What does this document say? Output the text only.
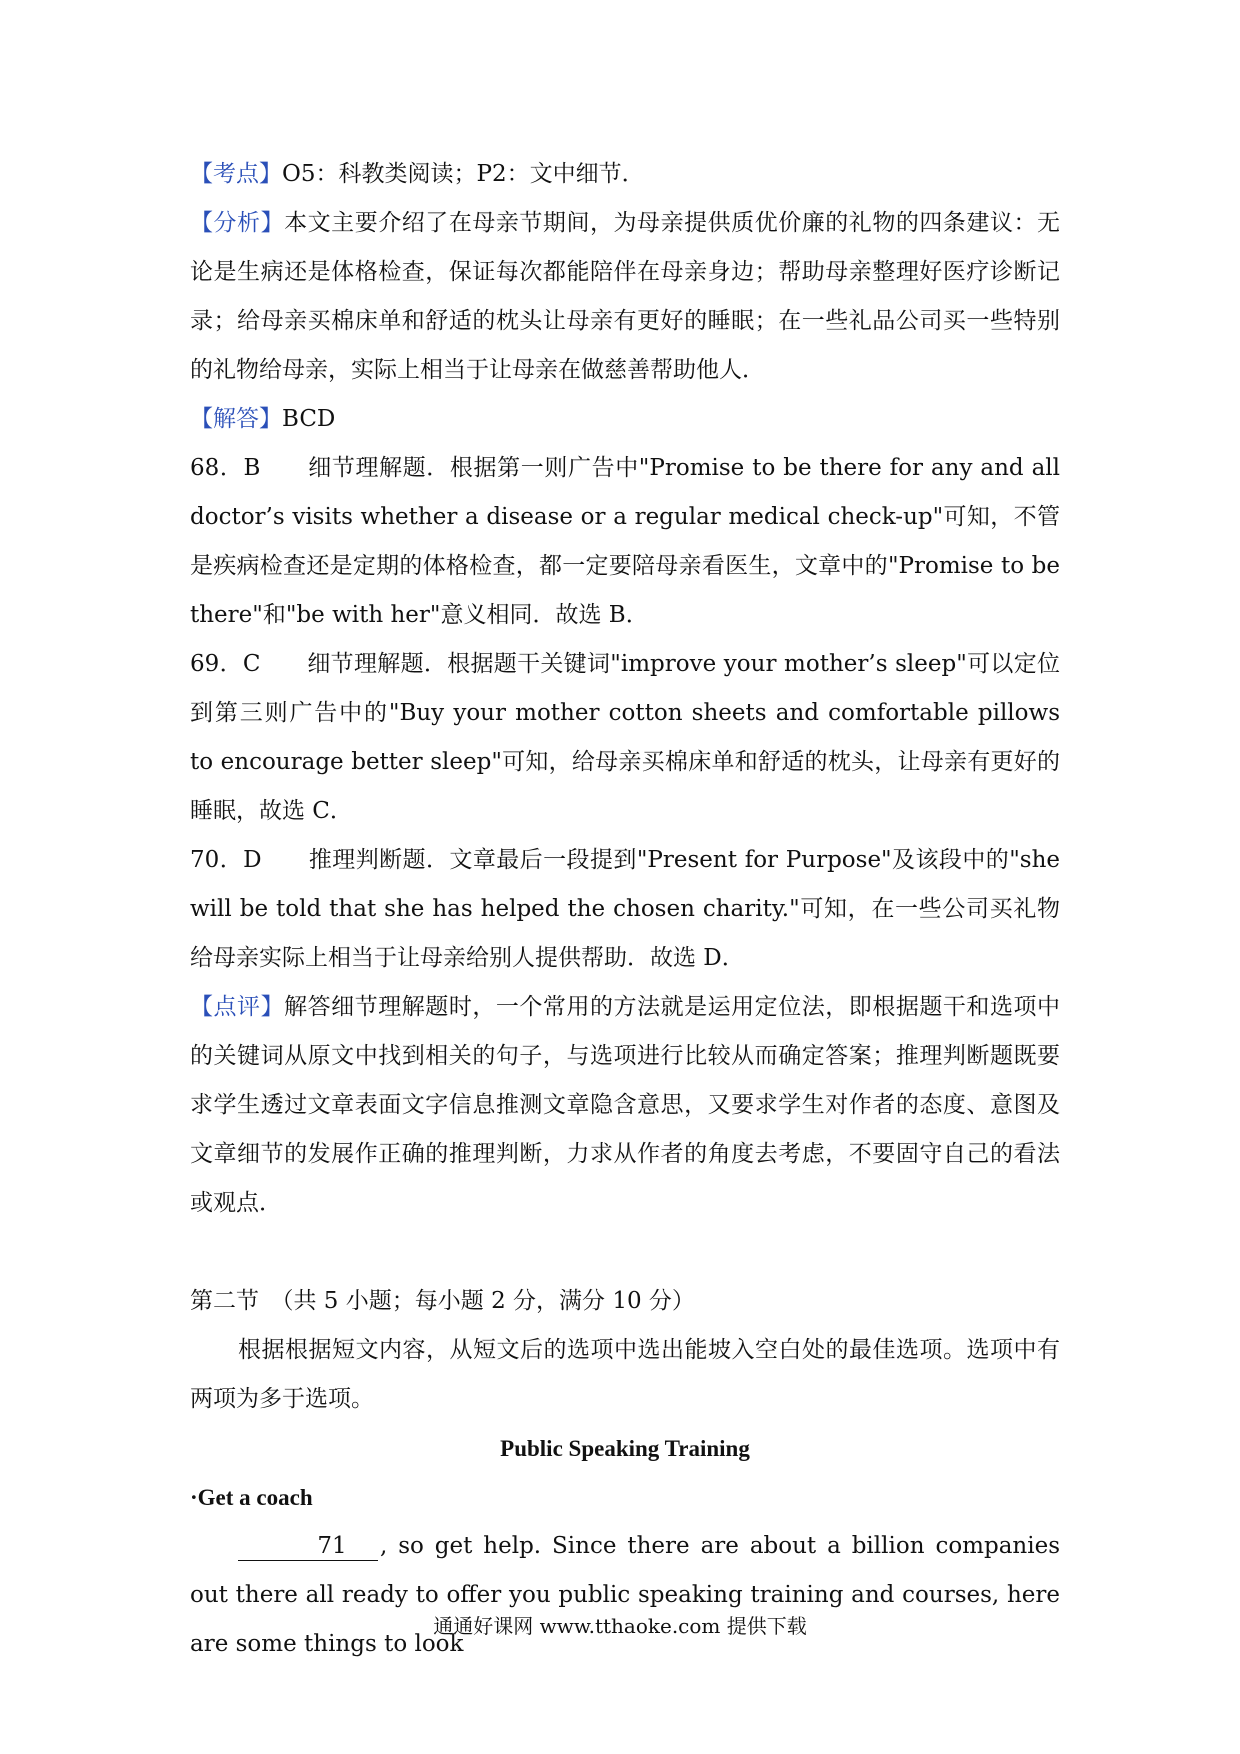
【考点】O5：科教类阅读；P2：文中细节．
【分析】本文主要介绍了在母亲节期间，为母亲提供质优价廉的礼物的四条建议：无论是生病还是体格检查，保证每次都能陪伴在母亲身边；帮助母亲整理好医疗诊断记录；给母亲买棉床单和舒适的枕头让母亲有更好的睡眠；在一些礼品公司买一些特别的礼物给母亲，实际上相当于让母亲在做慈善帮助他人．
【解答】BCD
68．B　　细节理解题．根据第一则广告中"Promise to be there for any and all doctor’s visits whether a disease or a regular medical check-up"可知，不管是疾病检查还是定期的体格检查，都一定要陪母亲看医生，文章中的"Promise to be there"和"be with her"意义相同．故选 B．
69．C　　细节理解题．根据题干关键词"improve your mother’s sleep"可以定位到第三则广告中的"Buy your mother cotton sheets and comfortable pillows to encourage better sleep"可知，给母亲买棉床单和舒适的枕头，让母亲有更好的睡眠，故选 C．
70．D　　推理判断题．文章最后一段提到"Present for Purpose"及该段中的"she will be told that she has helped the chosen charity."可知，在一些公司买礼物给母亲实际上相当于让母亲给别人提供帮助．故选 D．
【点评】解答细节理解题时，一个常用的方法就是运用定位法，即根据题干和选项中的关键词从原文中找到相关的句子，与选项进行比较从而确定答案；推理判断题既要求学生透过文章表面文字信息推测文章隐含意思，又要求学生对作者的态度、意图及文章细节的发展作正确的推理判断，力求从作者的角度去考虑，不要固守自己的看法或观点．
第二节　（共 5 小题；每小题 2 分，满分 10 分）
根据根据短文内容，从短文后的选项中选出能坡入空白处的最佳选项。选项中有两项为多于选项。
Public Speaking Training
·Get a coach
71 , so get help. Since there are about a billion companies out there all ready to offer you public speaking training and courses, here are some things to look
通通好课网 www.tthaoke.com 提供下载
